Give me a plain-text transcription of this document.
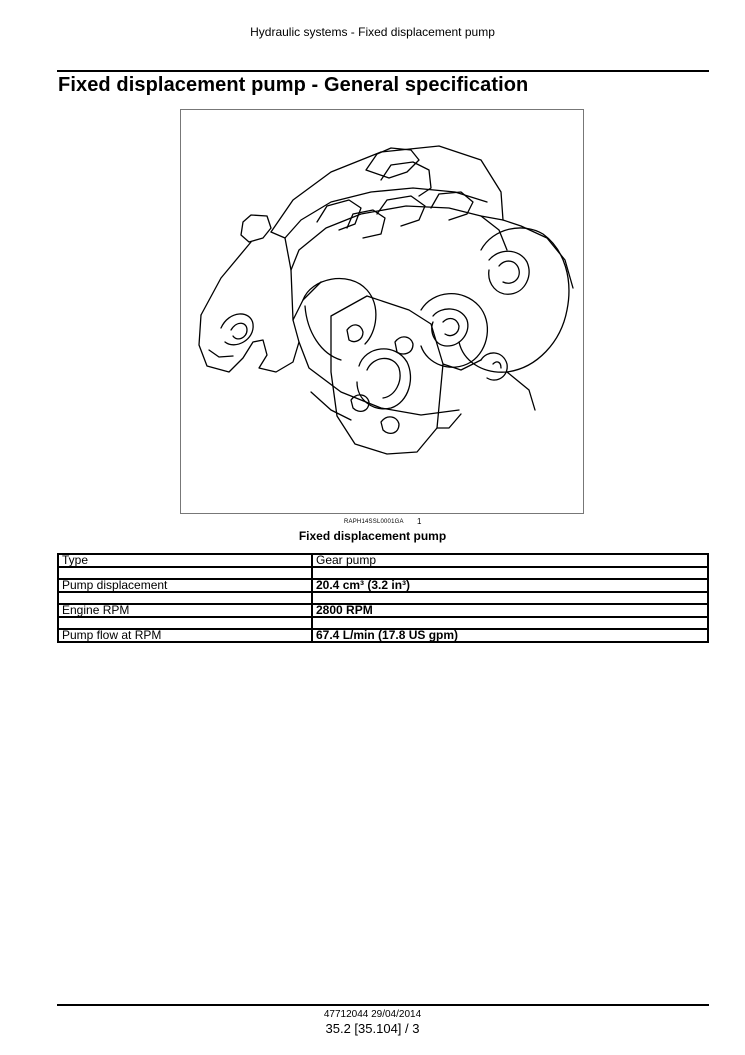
Hydraulic systems - Fixed displacement pump
Fixed displacement pump - General specification
RAPH14SSL0001GA 1
Fixed displacement pump
Type	Gear pump

Pump displacement	20.4 cm³ (3.2 in³)

Engine RPM	2800 RPM

Pump flow at RPM	67.4 L/min (17.8 US gpm)
47712044 29/04/2014
35.2 [35.104] / 3
